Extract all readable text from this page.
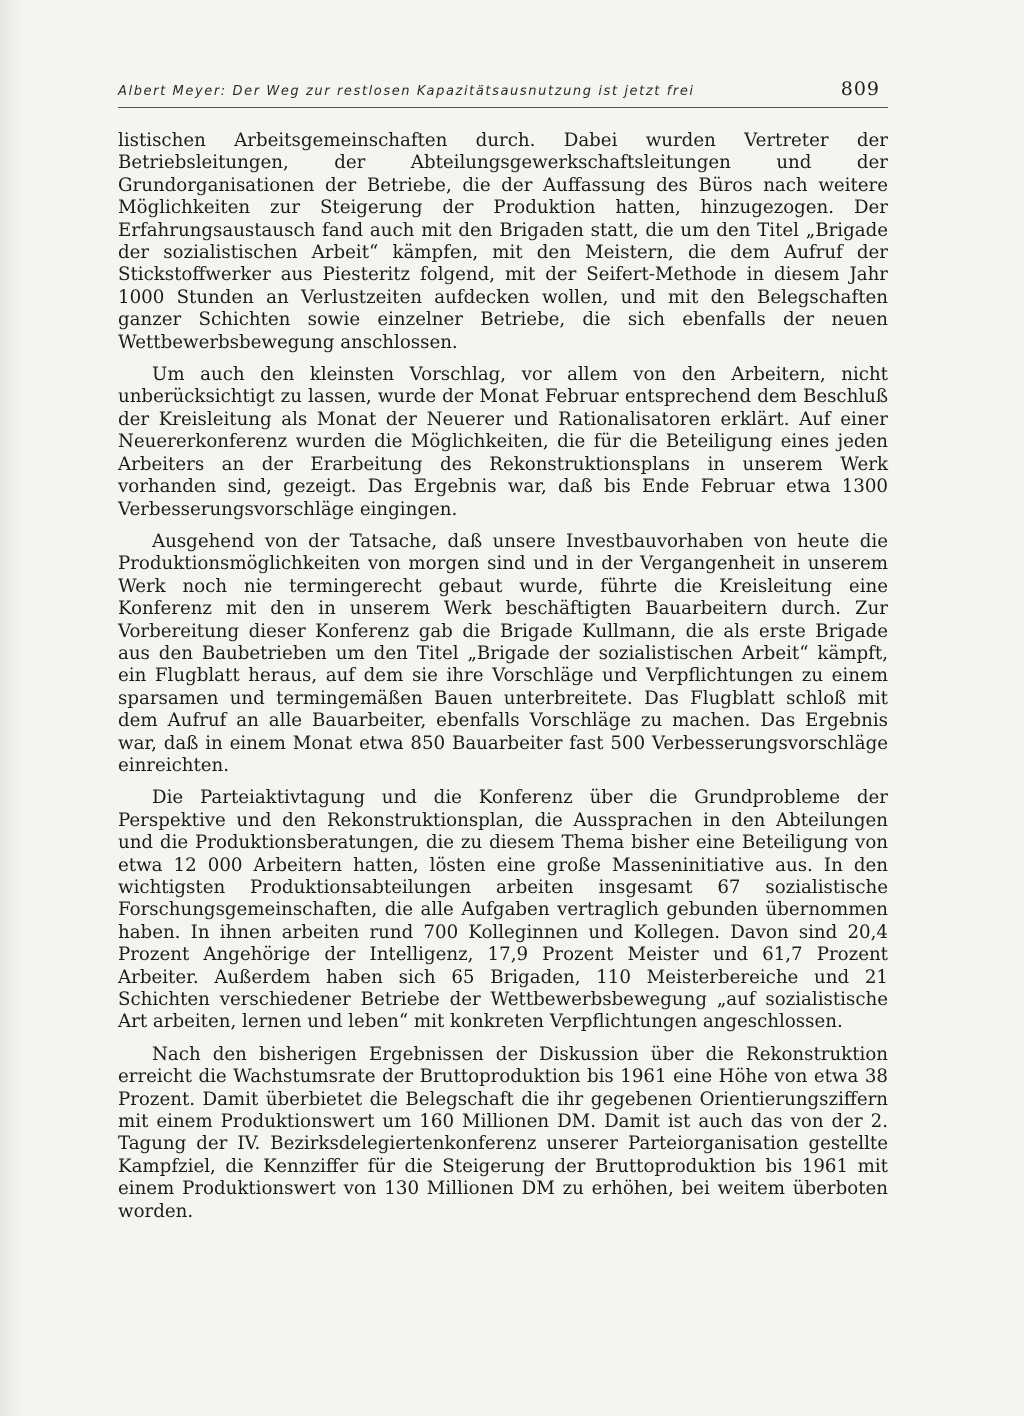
Albert Meyer: Der Weg zur restlosen Kapazitätsausnutzung ist jetzt frei	809

listischen Arbeitsgemeinschaften durch. Dabei wurden Vertreter der Betriebsleitungen, der Abteilungsgewerkschaftsleitungen und der Grundorganisationen der Betriebe, die der Auffassung des Büros nach weitere Möglichkeiten zur Steigerung der Produktion hatten, hinzugezogen. Der Erfahrungsaustausch fand auch mit den Brigaden statt, die um den Titel „Brigade der sozialistischen Arbeit“ kämpfen, mit den Meistern, die dem Aufruf der Stickstoffwerker aus Piesteritz folgend, mit der Seifert-Methode in diesem Jahr 1000 Stunden an Verlustzeiten aufdecken wollen, und mit den Belegschaften ganzer Schichten sowie einzelner Betriebe, die sich ebenfalls der neuen Wettbewerbsbewegung anschlossen.

Um auch den kleinsten Vorschlag, vor allem von den Arbeitern, nicht unberücksichtigt zu lassen, wurde der Monat Februar entsprechend dem Beschluß der Kreisleitung als Monat der Neuerer und Rationalisatoren erklärt. Auf einer Neuererkonferenz wurden die Möglichkeiten, die für die Beteiligung eines jeden Arbeiters an der Erarbeitung des Rekonstruktionsplans in unserem Werk vorhanden sind, gezeigt. Das Ergebnis war, daß bis Ende Februar etwa 1300 Verbesserungsvorschläge eingingen.

Ausgehend von der Tatsache, daß unsere Investbauvorhaben von heute die Produktionsmöglichkeiten von morgen sind und in der Vergangenheit in unserem Werk noch nie termingerecht gebaut wurde, führte die Kreisleitung eine Konferenz mit den in unserem Werk beschäftigten Bauarbeitern durch. Zur Vorbereitung dieser Konferenz gab die Brigade Kullmann, die als erste Brigade aus den Baubetrieben um den Titel „Brigade der sozialistischen Arbeit“ kämpft, ein Flugblatt heraus, auf dem sie ihre Vorschläge und Verpflichtungen zu einem sparsamen und termingemäßen Bauen unterbreitete. Das Flugblatt schloß mit dem Aufruf an alle Bauarbeiter, ebenfalls Vorschläge zu machen. Das Ergebnis war, daß in einem Monat etwa 850 Bauarbeiter fast 500 Verbesserungsvorschläge einreichten.

Die Parteiaktivtagung und die Konferenz über die Grundprobleme der Perspektive und den Rekonstruktionsplan, die Aussprachen in den Abteilungen und die Produktionsberatungen, die zu diesem Thema bisher eine Beteiligung von etwa 12 000 Arbeitern hatten, lösten eine große Masseninitiative aus. In den wichtigsten Produktionsabteilungen arbeiten insgesamt 67 sozialistische Forschungsgemeinschaften, die alle Aufgaben vertraglich gebunden übernommen haben. In ihnen arbeiten rund 700 Kolleginnen und Kollegen. Davon sind 20,4 Prozent Angehörige der Intelligenz, 17,9 Prozent Meister und 61,7 Prozent Arbeiter. Außerdem haben sich 65 Brigaden, 110 Meisterbereiche und 21 Schichten verschiedener Betriebe der Wettbewerbsbewegung „auf sozialistische Art arbeiten, lernen und leben“ mit konkreten Verpflichtungen angeschlossen.

Nach den bisherigen Ergebnissen der Diskussion über die Rekonstruktion erreicht die Wachstumsrate der Bruttoproduktion bis 1961 eine Höhe von etwa 38 Prozent. Damit überbietet die Belegschaft die ihr gegebenen Orientierungsziffern mit einem Produktionswert um 160 Millionen DM. Damit ist auch das von der 2. Tagung der IV. Bezirksdelegiertenkonferenz unserer Parteiorganisation gestellte Kampfziel, die Kennziffer für die Steigerung der Bruttoproduktion bis 1961 mit einem Produktionswert von 130 Millionen DM zu erhöhen, bei weitem überboten worden.
